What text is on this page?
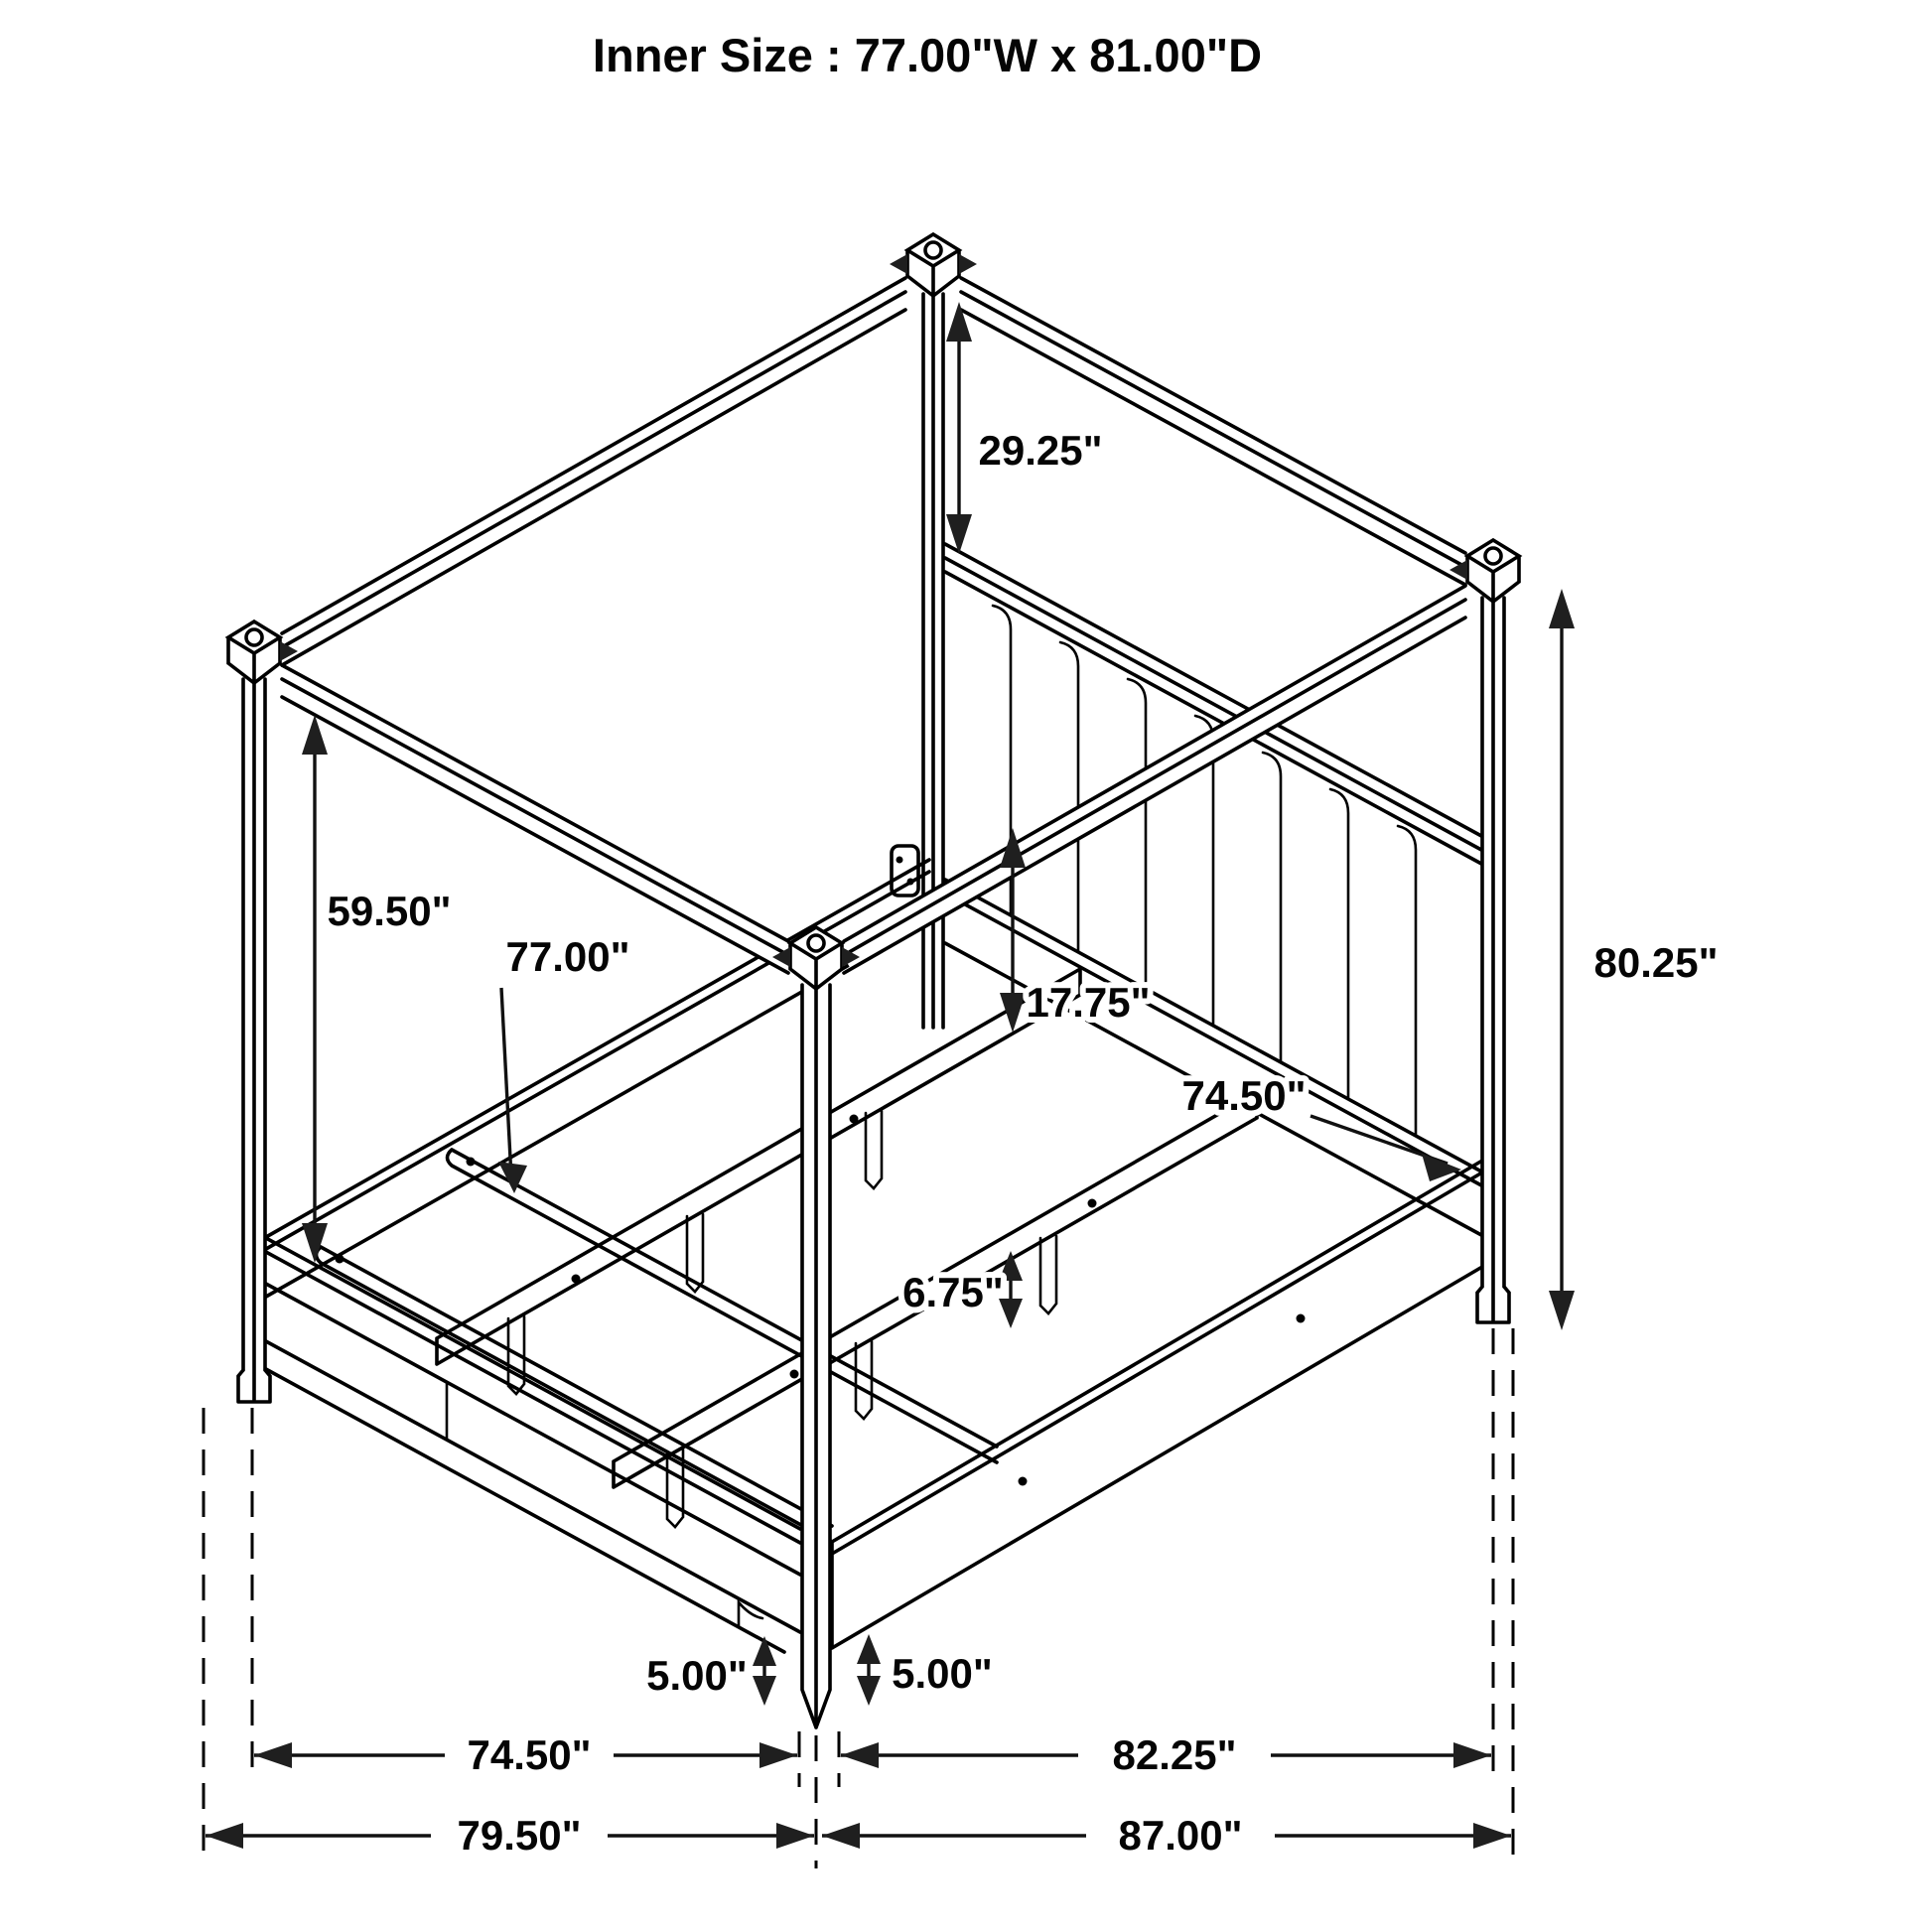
29.25"
59.50"
77.00"
17.75"
74.50"
80.25"
6.75"
5.00"	5.00"
74.50"	82.25"
79.50"	87.00"
Inner Size : 77.00"W x 81.00"D
